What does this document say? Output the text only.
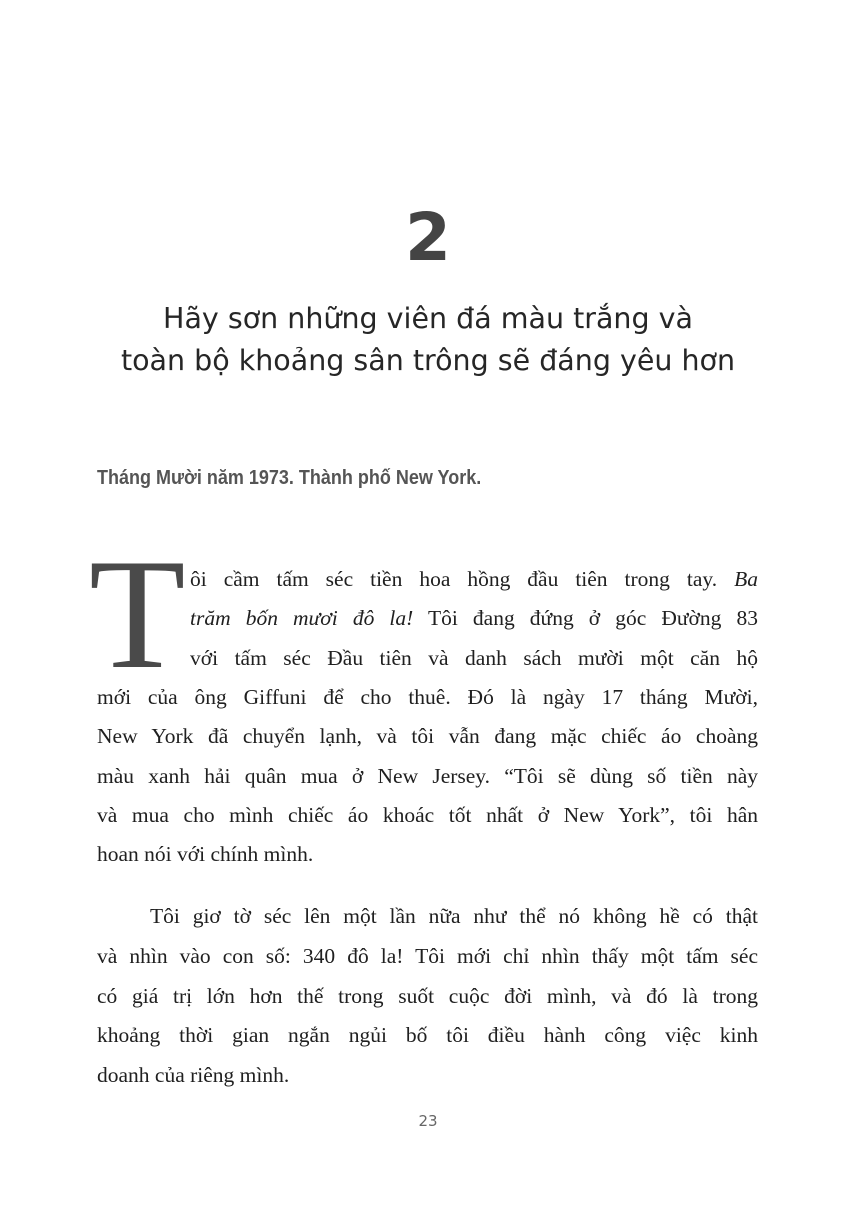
2
Hãy sơn những viên đá màu trắng và
toàn bộ khoảng sân trông sẽ đáng yêu hơn
Tháng Mười năm 1973. Thành phố New York.
T ôi cầm tấm séc tiền hoa hồng đầu tiên trong tay. Ba
trăm bốn mươi đô la! Tôi đang đứng ở góc Đường 83
với tấm séc Đầu tiên và danh sách mười một căn hộ
mới của ông Giffuni để cho thuê. Đó là ngày 17 tháng Mười,
New York đã chuyển lạnh, và tôi vẫn đang mặc chiếc áo choàng
màu xanh hải quân mua ở New Jersey. “Tôi sẽ dùng số tiền này
và mua cho mình chiếc áo khoác tốt nhất ở New York”, tôi hân
hoan nói với chính mình.
Tôi giơ tờ séc lên một lần nữa như thể nó không hề có thật
và nhìn vào con số: 340 đô la! Tôi mới chỉ nhìn thấy một tấm séc
có giá trị lớn hơn thế trong suốt cuộc đời mình, và đó là trong
khoảng thời gian ngắn ngủi bố tôi điều hành công việc kinh
doanh của riêng mình.
23
